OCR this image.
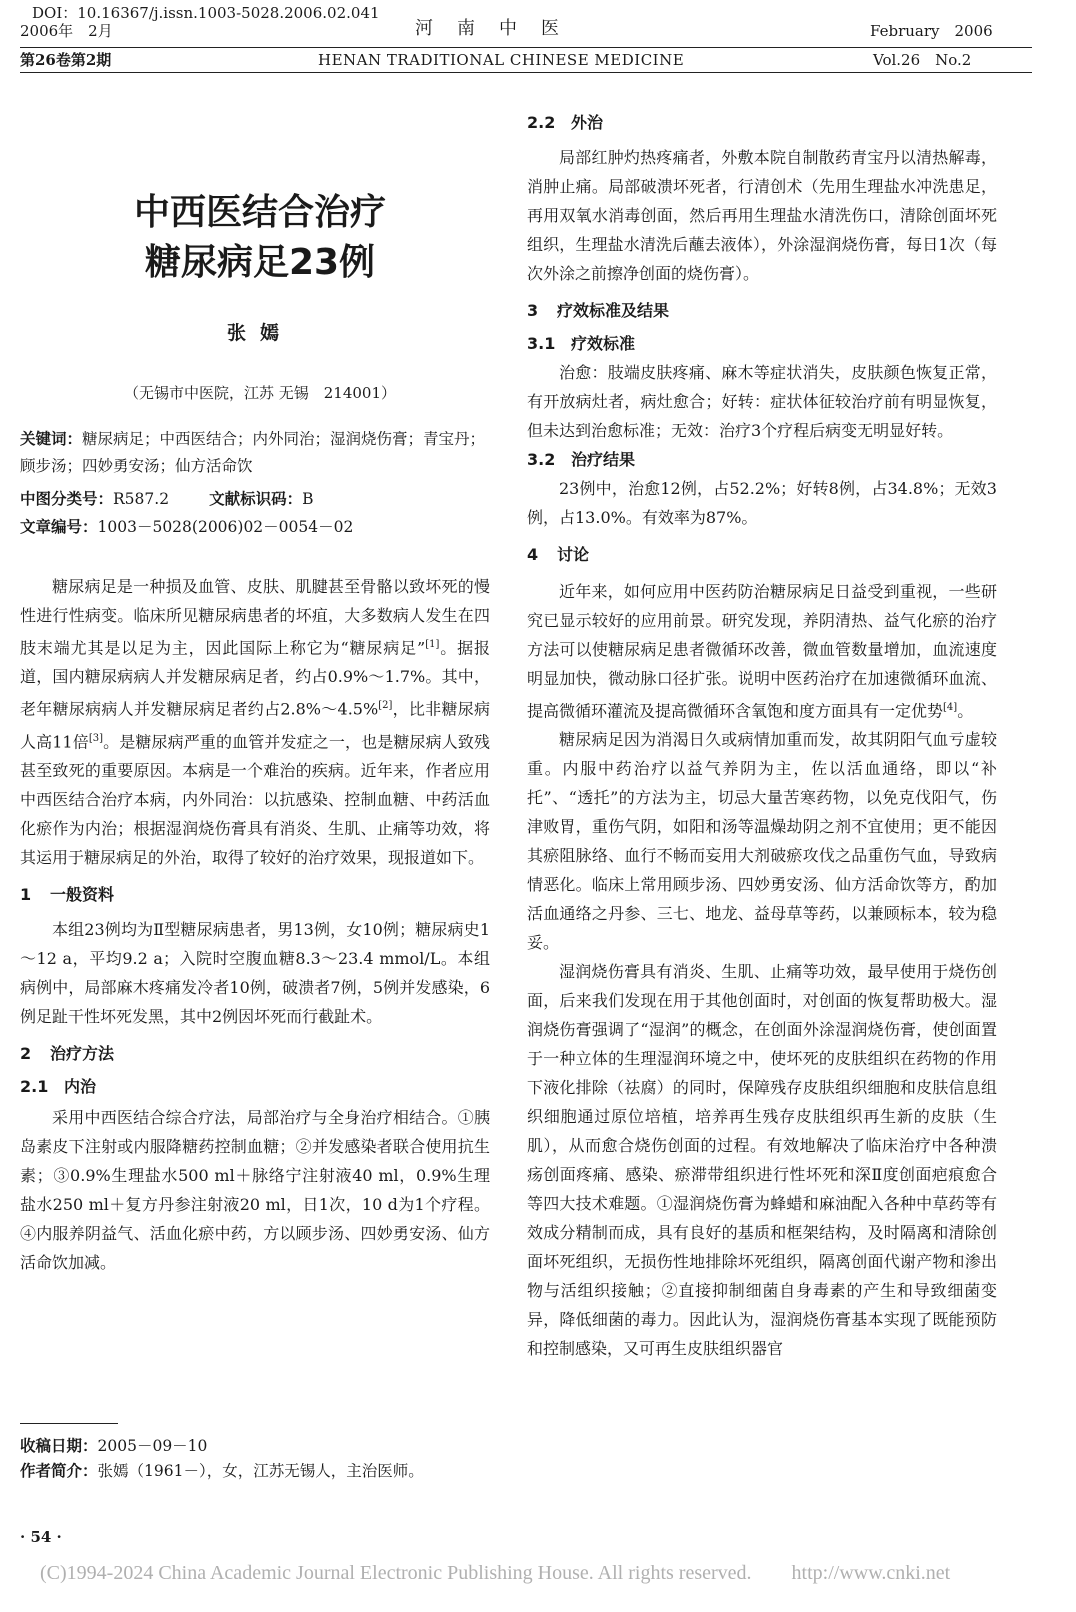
DOI：10.16367/j.issn.1003-5028.2006.02.041
2006年　2月	河南中医	February　2006
第26卷第2期	HENAN TRADITIONAL CHINESE MEDICINE	Vol.26　No.2
中西医结合治疗
糖尿病足23例
张嫣
（无锡市中医院，江苏 无锡　214001）
关键词：糖尿病足；中西医结合；内外同治；湿润烧伤膏；青宝丹；顾步汤；四妙勇安汤；仙方活命饮
中图分类号：R587.2	文献标识码：B
文章编号：1003－5028(2006)02－0054－02

糖尿病足是一种损及血管、皮肤、肌腱甚至骨骼以致坏死的慢性进行性病变。临床所见糖尿病患者的坏疽，大多数病人发生在四肢末端尤其是以足为主，因此国际上称它为“糖尿病足”[1]。据报道，国内糖尿病病人并发糖尿病足者，约占0.9%～1.7%。其中，老年糖尿病病人并发糖尿病足者约占2.8%～4.5%[2]，比非糖尿病人高11倍[3]。是糖尿病严重的血管并发症之一，也是糖尿病人致残甚至致死的重要原因。本病是一个难治的疾病。近年来，作者应用中西医结合治疗本病，内外同治：以抗感染、控制血糖、中药活血化瘀作为内治；根据湿润烧伤膏具有消炎、生肌、止痛等功效，将其运用于糖尿病足的外治，取得了较好的治疗效果，现报道如下。

1 一般资料

本组23例均为Ⅱ型糖尿病患者，男13例，女10例；糖尿病史1～12 a，平均9.2 a；入院时空腹血糖8.3～23.4 mmol/L。本组病例中，局部麻木疼痛发冷者10例，破溃者7例，5例并发感染，6例足趾干性坏死发黑，其中2例因坏死而行截趾术。

2 治疗方法
2.1 内治

采用中西医结合综合疗法，局部治疗与全身治疗相结合。①胰岛素皮下注射或内服降糖药控制血糖；②并发感染者联合使用抗生素；③0.9%生理盐水500 ml＋脉络宁注射液40 ml，0.9%生理盐水250 ml＋复方丹参注射液20 ml，日1次，10 d为1个疗程。④内服养阴益气、活血化瘀中药，方以顾步汤、四妙勇安汤、仙方活命饮加减。

收稿日期：2005－09－10
作者简介：张嫣（1961－），女，江苏无锡人，主治医师。
· 54 ·
2.2 外治

局部红肿灼热疼痛者，外敷本院自制散药青宝丹以清热解毒，消肿止痛。局部破溃坏死者，行清创术（先用生理盐水冲洗患足，再用双氧水消毒创面，然后再用生理盐水清洗伤口，清除创面坏死组织，生理盐水清洗后蘸去液体），外涂湿润烧伤膏，每日1次（每次外涂之前擦净创面的烧伤膏）。

3 疗效标准及结果
3.1 疗效标准

治愈：肢端皮肤疼痛、麻木等症状消失，皮肤颜色恢复正常，有开放病灶者，病灶愈合；好转：症状体征较治疗前有明显恢复，但未达到治愈标准；无效：治疗3个疗程后病变无明显好转。

3.2 治疗结果

23例中，治愈12例，占52.2%；好转8例，占34.8%；无效3例，占13.0%。有效率为87%。

4 讨论

近年来，如何应用中医药防治糖尿病足日益受到重视，一些研究已显示较好的应用前景。研究发现，养阴清热、益气化瘀的治疗方法可以使糖尿病足患者微循环改善，微血管数量增加，血流速度明显加快，微动脉口径扩张。说明中医药治疗在加速微循环血流、提高微循环灌流及提高微循环含氧饱和度方面具有一定优势[4]。

糖尿病足因为消渴日久或病情加重而发，故其阴阳气血亏虚较重。内服中药治疗以益气养阴为主，佐以活血通络，即以“补托”、“透托”的方法为主，切忌大量苦寒药物，以免克伐阳气，伤津败胃，重伤气阴，如阳和汤等温燥劫阴之剂不宜使用；更不能因其瘀阻脉络、血行不畅而妄用大剂破瘀攻伐之品重伤气血，导致病情恶化。临床上常用顾步汤、四妙勇安汤、仙方活命饮等方，酌加活血通络之丹参、三七、地龙、益母草等药，以兼顾标本，较为稳妥。

湿润烧伤膏具有消炎、生肌、止痛等功效，最早使用于烧伤创面，后来我们发现在用于其他创面时，对创面的恢复帮助极大。湿润烧伤膏强调了“湿润”的概念，在创面外涂湿润烧伤膏，使创面置于一种立体的生理湿润环境之中，使坏死的皮肤组织在药物的作用下液化排除（祛腐）的同时，保障残存皮肤组织细胞和皮肤信息组织细胞通过原位培植，培养再生残存皮肤组织再生新的皮肤（生肌），从而愈合烧伤创面的过程。有效地解决了临床治疗中各种溃疡创面疼痛、感染、瘀滞带组织进行性坏死和深Ⅱ度创面疤痕愈合等四大技术难题。①湿润烧伤膏为蜂蜡和麻油配入各种中草药等有效成分精制而成，具有良好的基质和框架结构，及时隔离和清除创面坏死组织，无损伤性地排除坏死组织，隔离创面代谢产物和渗出物与活组织接触；②直接抑制细菌自身毒素的产生和导致细菌变异，降低细菌的毒力。因此认为，湿润烧伤膏基本实现了既能预防和控制感染，又可再生皮肤组织器官

(C)1994-2024 China Academic Journal Electronic Publishing House. All rights reserved.　　http://www.cnki.net
